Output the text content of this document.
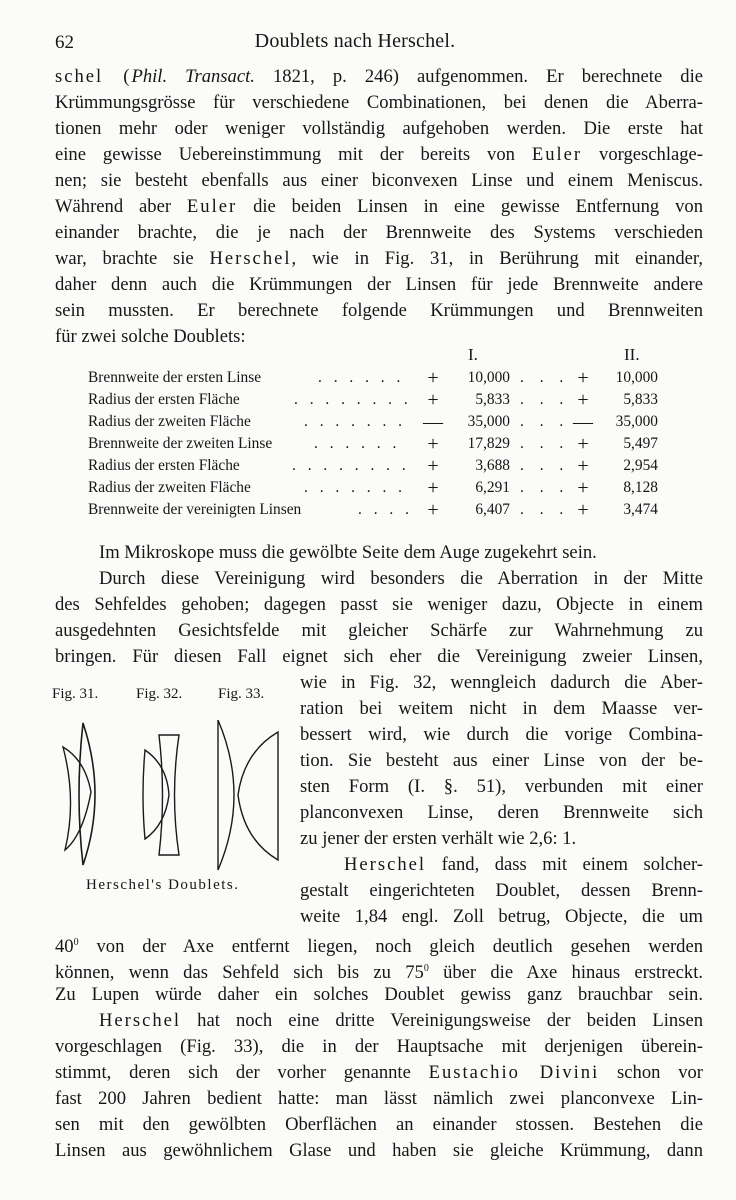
62	Doublets nach Herschel.
schel (Phil. Transact. 1821, p. 246) aufgenommen. Er berechnete die
Krümmungsgrösse für verschiedene Combinationen, bei denen die Aberra-
tionen mehr oder weniger vollständig aufgehoben werden. Die erste hat
eine gewisse Uebereinstimmung mit der bereits von Euler vorgeschlage-
nen; sie besteht ebenfalls aus einer biconvexen Linse und einem Meniscus.
Während aber Euler die beiden Linsen in eine gewisse Entfernung von
einander brachte, die je nach der Brennweite des Systems verschieden
war, brachte sie Herschel, wie in Fig. 31, in Berührung mit einander,
daher denn auch die Krümmungen der Linsen für jede Brennweite andere
sein mussten. Er berechnete folgende Krümmungen und Brennweiten
für zwei solche Doublets:
I.	II.
Brennweite der ersten Linse	. . . . . . +	10,000 . . . +	10,000
Radius der ersten Fläche	. . . . . . . . +	5,833 . . . +	5,833
Radius der zweiten Fläche	. . . . . . . —	35,000 . . . —	35,000
Brennweite der zweiten Linse	. . . . . . +	17,829 . . . +	5,497
Radius der ersten Fläche	. . . . . . . . +	3,688 . . . +	2,954
Radius der zweiten Fläche	. . . . . . . +	6,291 . . . +	8,128
Brennweite der vereinigten Linsen	. . . . +	6,407 . . . +	3,474
Im Mikroskope muss die gewölbte Seite dem Auge zugekehrt sein.
Durch diese Vereinigung wird besonders die Aberration in der Mitte
des Sehfeldes gehoben; dagegen passt sie weniger dazu, Objecte in einem
ausgedehnten Gesichtsfelde mit gleicher Schärfe zur Wahrnehmung zu
bringen. Für diesen Fall eignet sich eher die Vereinigung zweier Linsen,
wie in Fig. 32, wenngleich dadurch die Aber-
ration bei weitem nicht in dem Maasse ver-
bessert wird, wie durch die vorige Combina-
tion. Sie besteht aus einer Linse von der be-
sten Form (I. §. 51), verbunden mit einer
planconvexen Linse, deren Brennweite sich
zu jener der ersten verhält wie 2,6: 1.
Herschel fand, dass mit einem solcher-
gestalt eingerichteten Doublet, dessen Brenn-
weite 1,84 engl. Zoll betrug, Objecte, die um
$40^0$ von der Axe entfernt liegen, noch gleich deutlich gesehen werden
können, wenn das Sehfeld sich bis zu $75^0$ über die Axe hinaus erstreckt.
Zu Lupen würde daher ein solches Doublet gewiss ganz brauchbar sein.
Herschel hat noch eine dritte Vereinigungsweise der beiden Linsen
vorgeschlagen (Fig. 33), die in der Hauptsache mit derjenigen überein-
stimmt, deren sich der vorher genannte Eustachio Divini schon vor
fast 200 Jahren bedient hatte: man lässt nämlich zwei planconvexe Lin-
sen mit den gewölbten Oberflächen an einander stossen. Bestehen die
Linsen aus gewöhnlichem Glase und haben sie gleiche Krümmung, dann
Fig. 31.	Fig. 32. Fig. 33.
Herschel's Doublets.
